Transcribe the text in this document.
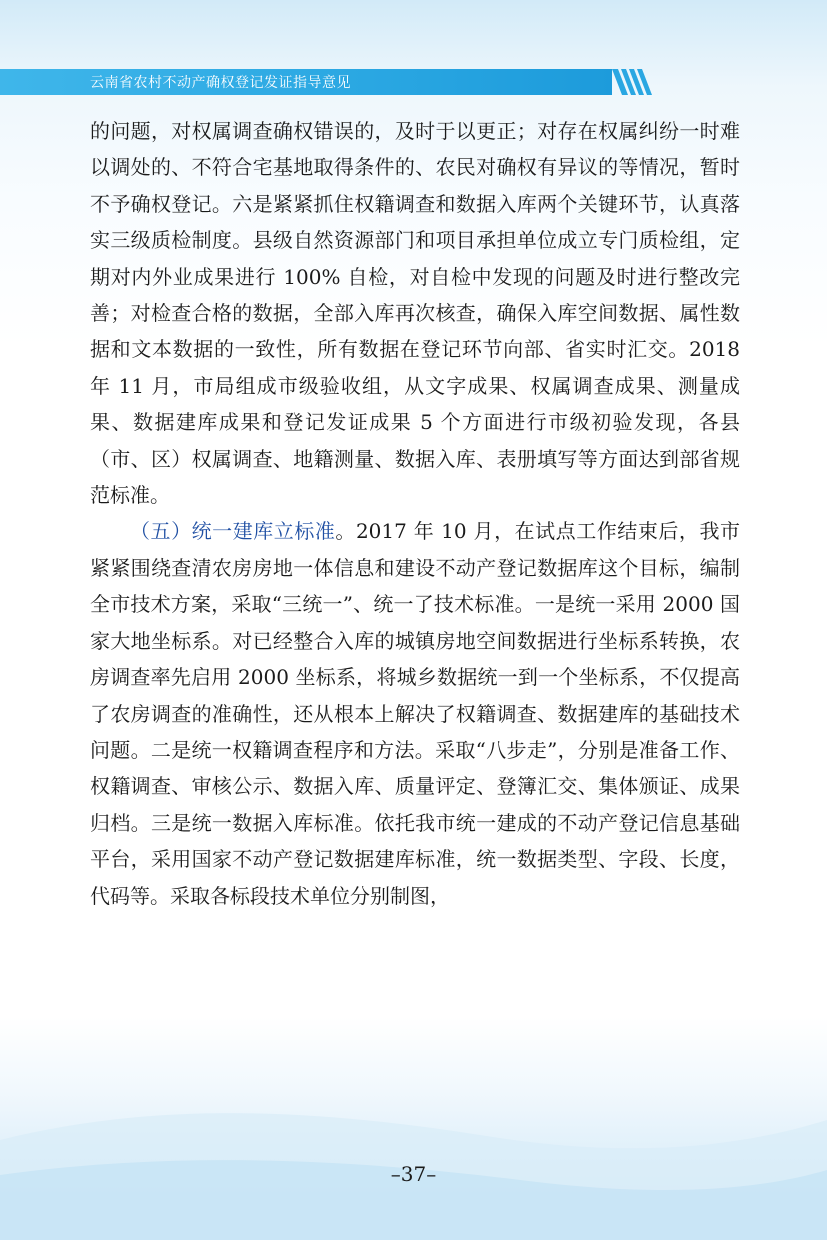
云南省农村不动产确权登记发证指导意见

的问题，对权属调查确权错误的，及时于以更正；对存在权属纠纷一时难以调处的、不符合宅基地取得条件的、农民对确权有异议的等情况，暂时不予确权登记。六是紧紧抓住权籍调查和数据入库两个关键环节，认真落实三级质检制度。县级自然资源部门和项目承担单位成立专门质检组，定期对内外业成果进行 100% 自检，对自检中发现的问题及时进行整改完善；对检查合格的数据，全部入库再次核查，确保入库空间数据、属性数据和文本数据的一致性，所有数据在登记环节向部、省实时汇交。2018 年 11 月，市局组成市级验收组，从文字成果、权属调查成果、测量成果、数据建库成果和登记发证成果 5 个方面进行市级初验发现，各县（市、区）权属调查、地籍测量、数据入库、表册填写等方面达到部省规范标准。

（五）统一建库立标准。2017 年 10 月，在试点工作结束后，我市紧紧围绕查清农房房地一体信息和建设不动产登记数据库这个目标，编制全市技术方案，采取“三统一”、统一了技术标准。一是统一采用 2000 国家大地坐标系。对已经整合入库的城镇房地空间数据进行坐标系转换，农房调查率先启用 2000 坐标系，将城乡数据统一到一个坐标系，不仅提高了农房调查的准确性，还从根本上解决了权籍调查、数据建库的基础技术问题。二是统一权籍调查程序和方法。采取“八步走”，分别是准备工作、权籍调查、审核公示、数据入库、质量评定、登簿汇交、集体颁证、成果归档。三是统一数据入库标准。依托我市统一建成的不动产登记信息基础平台，采用国家不动产登记数据建库标准，统一数据类型、字段、长度，代码等。采取各标段技术单位分别制图，

–37–
